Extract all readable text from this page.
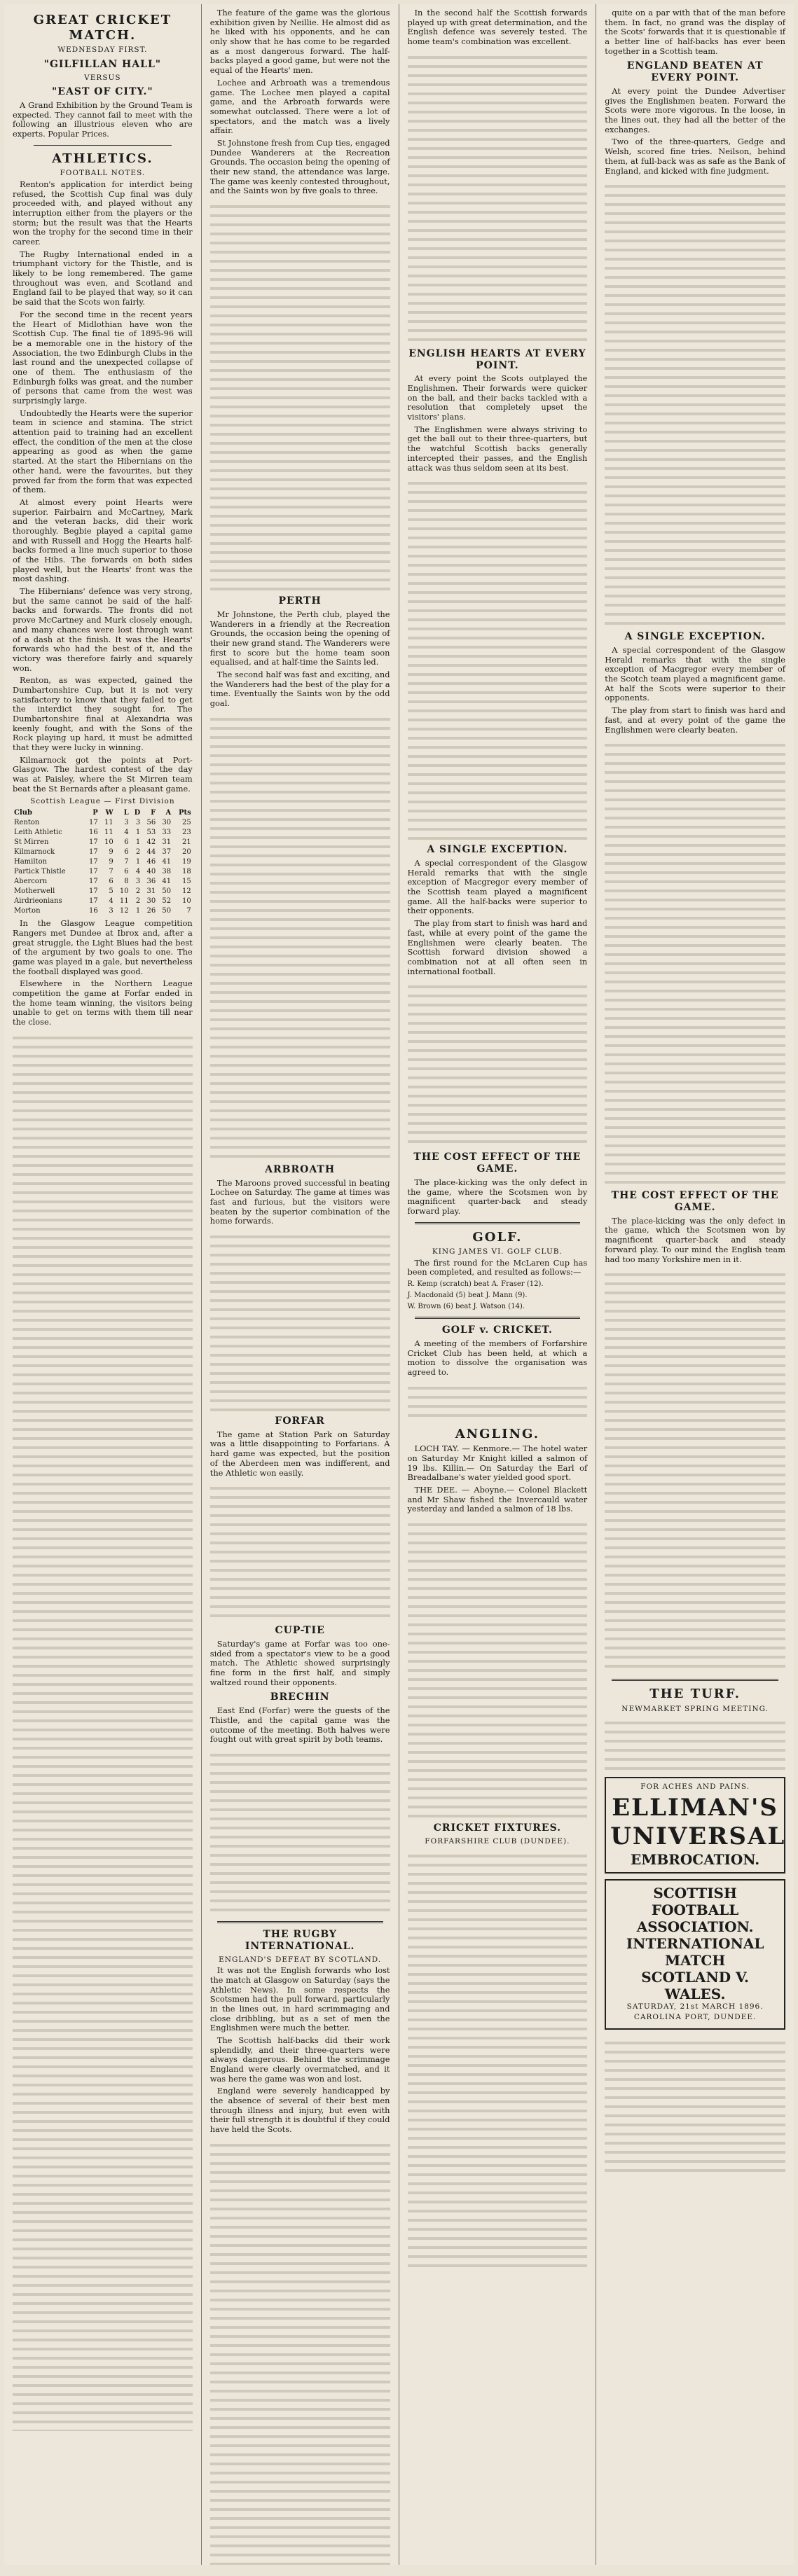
GREAT CRICKET MATCH.
WEDNESDAY FIRST.
"GILFILLAN HALL"
VERSUS
"EAST OF CITY."

A Grand Exhibition by the Ground Team is expected. They cannot fail to meet with the following an illustrious eleven who are experts. Popular Prices.

ATHLETICS.
FOOTBALL NOTES.

Renton's application for interdict being refused, the Scottish Cup final was duly proceeded with, and played without any interruption either from the players or the storm; but the result was that the Hearts won the trophy for the second time in their career.

The Rugby International ended in a triumphant victory for the Thistle, and is likely to be long remembered. The game throughout was even, and Scotland and England fail to be played that way, so it can be said that the Scots won fairly.

For the second time in the recent years the Heart of Midlothian have won the Scottish Cup. The final tie of 1895-96 will be a memorable one in the history of the Association, the two Edinburgh Clubs in the last round and the unexpected collapse of one of them. The enthusiasm of the Edinburgh folks was great, and the number of persons that came from the west was surprisingly large.

Undoubtedly the Hearts were the superior team in science and stamina. The strict attention paid to training had an excellent effect, the condition of the men at the close appearing as good as when the game started. At the start the Hibernians on the other hand, were the favourites, but they proved far from the form that was expected of them.

At almost every point Hearts were superior. Fairbairn and McCartney, Mark and the veteran backs, did their work thoroughly. Begbie played a capital game and with Russell and Hogg the Hearts half-backs formed a line much superior to those of the Hibs. The forwards on both sides played well, but the Hearts' front was the most dashing.

The Hibernians' defence was very strong, but the same cannot be said of the half-backs and forwards. The fronts did not prove McCartney and Murk closely enough, and many chances were lost through want of a dash at the finish. It was the Hearts' forwards who had the best of it, and the victory was therefore fairly and squarely won.

Renton, as was expected, gained the Dumbartonshire Cup, but it is not very satisfactory to know that they failed to get the interdict they sought for. The Dumbartonshire final at Alexandria was keenly fought, and with the Sons of the Rock playing up hard, it must be admitted that they were lucky in winning.

Kilmarnock got the points at Port-Glasgow. The hardest contest of the day was at Paisley, where the St Mirren team beat the St Bernards after a pleasant game.

Scottish League — First Division
Club	P	W	L	D	F	A	Pts
Renton	17	11	3	3	56	30	25
Leith Athletic	16	11	4	1	53	33	23
St Mirren	17	10	6	1	42	31	21
Kilmarnock	17	9	6	2	44	37	20
Hamilton	17	9	7	1	46	41	19
Partick Thistle	17	7	6	4	40	38	18
Abercorn	17	6	8	3	36	41	15
Motherwell	17	5	10	2	31	50	12
Airdrieonians	17	4	11	2	30	52	10
Morton	16	3	12	1	26	50	7

In the Glasgow League competition Rangers met Dundee at Ibrox and, after a great struggle, the Light Blues had the best of the argument by two goals to one. The game was played in a gale, but nevertheless the football displayed was good.

Elsewhere in the Northern League competition the game at Forfar ended in the home team winning, the visitors being unable to get on terms with them till near the close.

The feature of the game was the glorious exhibition given by Neillie. He almost did as he liked with his opponents, and he can only show that he has come to be regarded as a most dangerous forward. The half-backs played a good game, but were not the equal of the Hearts' men.

Lochee and Arbroath was a tremendous game. The Lochee men played a capital game, and the Arbroath forwards were somewhat outclassed. There were a lot of spectators, and the match was a lively affair.

St Johnstone fresh from Cup ties, engaged Dundee Wanderers at the Recreation Grounds. The occasion being the opening of their new stand, the attendance was large. The game was keenly contested throughout, and the Saints won by five goals to three.

PERTH

Mr Johnstone, the Perth club, played the Wanderers in a friendly at the Recreation Grounds, the occasion being the opening of their new grand stand. The Wanderers were first to score but the home team soon equalised, and at half-time the Saints led.

The second half was fast and exciting, and the Wanderers had the best of the play for a time. Eventually the Saints won by the odd goal.

ARBROATH

The Maroons proved successful in beating Lochee on Saturday. The game at times was fast and furious, but the visitors were beaten by the superior combination of the home forwards.

FORFAR

The game at Station Park on Saturday was a little disappointing to Forfarians. A hard game was expected, but the position of the Aberdeen men was indifferent, and the Athletic won easily.

CUP-TIE

Saturday's game at Forfar was too one-sided from a spectator's view to be a good match. The Athletic showed surprisingly fine form in the first half, and simply waltzed round their opponents.

BRECHIN

East End (Forfar) were the guests of the Thistle, and the capital game was the outcome of the meeting. Both halves were fought out with great spirit by both teams.

THE RUGBY INTERNATIONAL.
ENGLAND'S DEFEAT BY SCOTLAND.

It was not the English forwards who lost the match at Glasgow on Saturday (says the Athletic News). In some respects the Scotsmen had the pull forward, particularly in the lines out, in hard scrimmaging and close dribbling, but as a set of men the Englishmen were much the better.

The Scottish half-backs did their work splendidly, and their three-quarters were always dangerous. Behind the scrimmage England were clearly overmatched, and it was here the game was won and lost.

England were severely handicapped by the absence of several of their best men through illness and injury, but even with their full strength it is doubtful if they could have held the Scots.

In the second half the Scottish forwards played up with great determination, and the English defence was severely tested. The home team's combination was excellent.

ENGLISH HEARTS AT EVERY POINT.

At every point the Scots outplayed the Englishmen. Their forwards were quicker on the ball, and their backs tackled with a resolution that completely upset the visitors' plans.

The Englishmen were always striving to get the ball out to their three-quarters, but the watchful Scottish backs generally intercepted their passes, and the English attack was thus seldom seen at its best.

A SINGLE EXCEPTION.

A special correspondent of the Glasgow Herald remarks that with the single exception of Macgregor every member of the Scottish team played a magnificent game. All the half-backs were superior to their opponents.

The play from start to finish was hard and fast, while at every point of the game the Englishmen were clearly beaten. The Scottish forward division showed a combination not at all often seen in international football.

THE COST EFFECT OF THE GAME.

The place-kicking was the only defect in the game, where the Scotsmen won by magnificent quarter-back and steady forward play.

GOLF.
KING JAMES VI. GOLF CLUB.

The first round for the McLaren Cup has been completed, and resulted as follows:—

R. Kemp (scratch) beat A. Fraser (12).
J. Macdonald (5) beat J. Mann (9).
W. Brown (6) beat J. Watson (14).
GOLF v. CRICKET.

A meeting of the members of Forfarshire Cricket Club has been held, at which a motion to dissolve the organisation was agreed to.

ANGLING.

LOCH TAY. — Kenmore.— The hotel water on Saturday Mr Knight killed a salmon of 19 lbs. Killin.— On Saturday the Earl of Breadalbane's water yielded good sport.

THE DEE. — Aboyne.— Colonel Blackett and Mr Shaw fished the Invercauld water yesterday and landed a salmon of 18 lbs.

CRICKET FIXTURES.
FORFARSHIRE CLUB (DUNDEE).

quite on a par with that of the man before them. In fact, no grand was the display of the Scots' forwards that it is questionable if a better line of half-backs has ever been together in a Scottish team.

ENGLAND BEATEN AT EVERY POINT.

At every point the Dundee Advertiser gives the Englishmen beaten. Forward the Scots were more vigorous. In the loose, in the lines out, they had all the better of the exchanges.

Two of the three-quarters, Gedge and Welsh, scored fine tries. Neilson, behind them, at full-back was as safe as the Bank of England, and kicked with fine judgment.

A SINGLE EXCEPTION.

A special correspondent of the Glasgow Herald remarks that with the single exception of Macgregor every member of the Scotch team played a magnificent game. At half the Scots were superior to their opponents.

The play from start to finish was hard and fast, and at every point of the game the Englishmen were clearly beaten.

THE COST EFFECT OF THE GAME.

The place-kicking was the only defect in the game, which the Scotsmen won by magnificent quarter-back and steady forward play. To our mind the English team had too many Yorkshire men in it.

THE TURF.
NEWMARKET SPRING MEETING.
FOR ACHES AND PAINS.
ELLIMAN'S
UNIVERSAL
EMBROCATION.
SCOTTISH FOOTBALL ASSOCIATION.
INTERNATIONAL MATCH
SCOTLAND V. WALES.
SATURDAY, 21st MARCH 1896.
CAROLINA PORT, DUNDEE.
